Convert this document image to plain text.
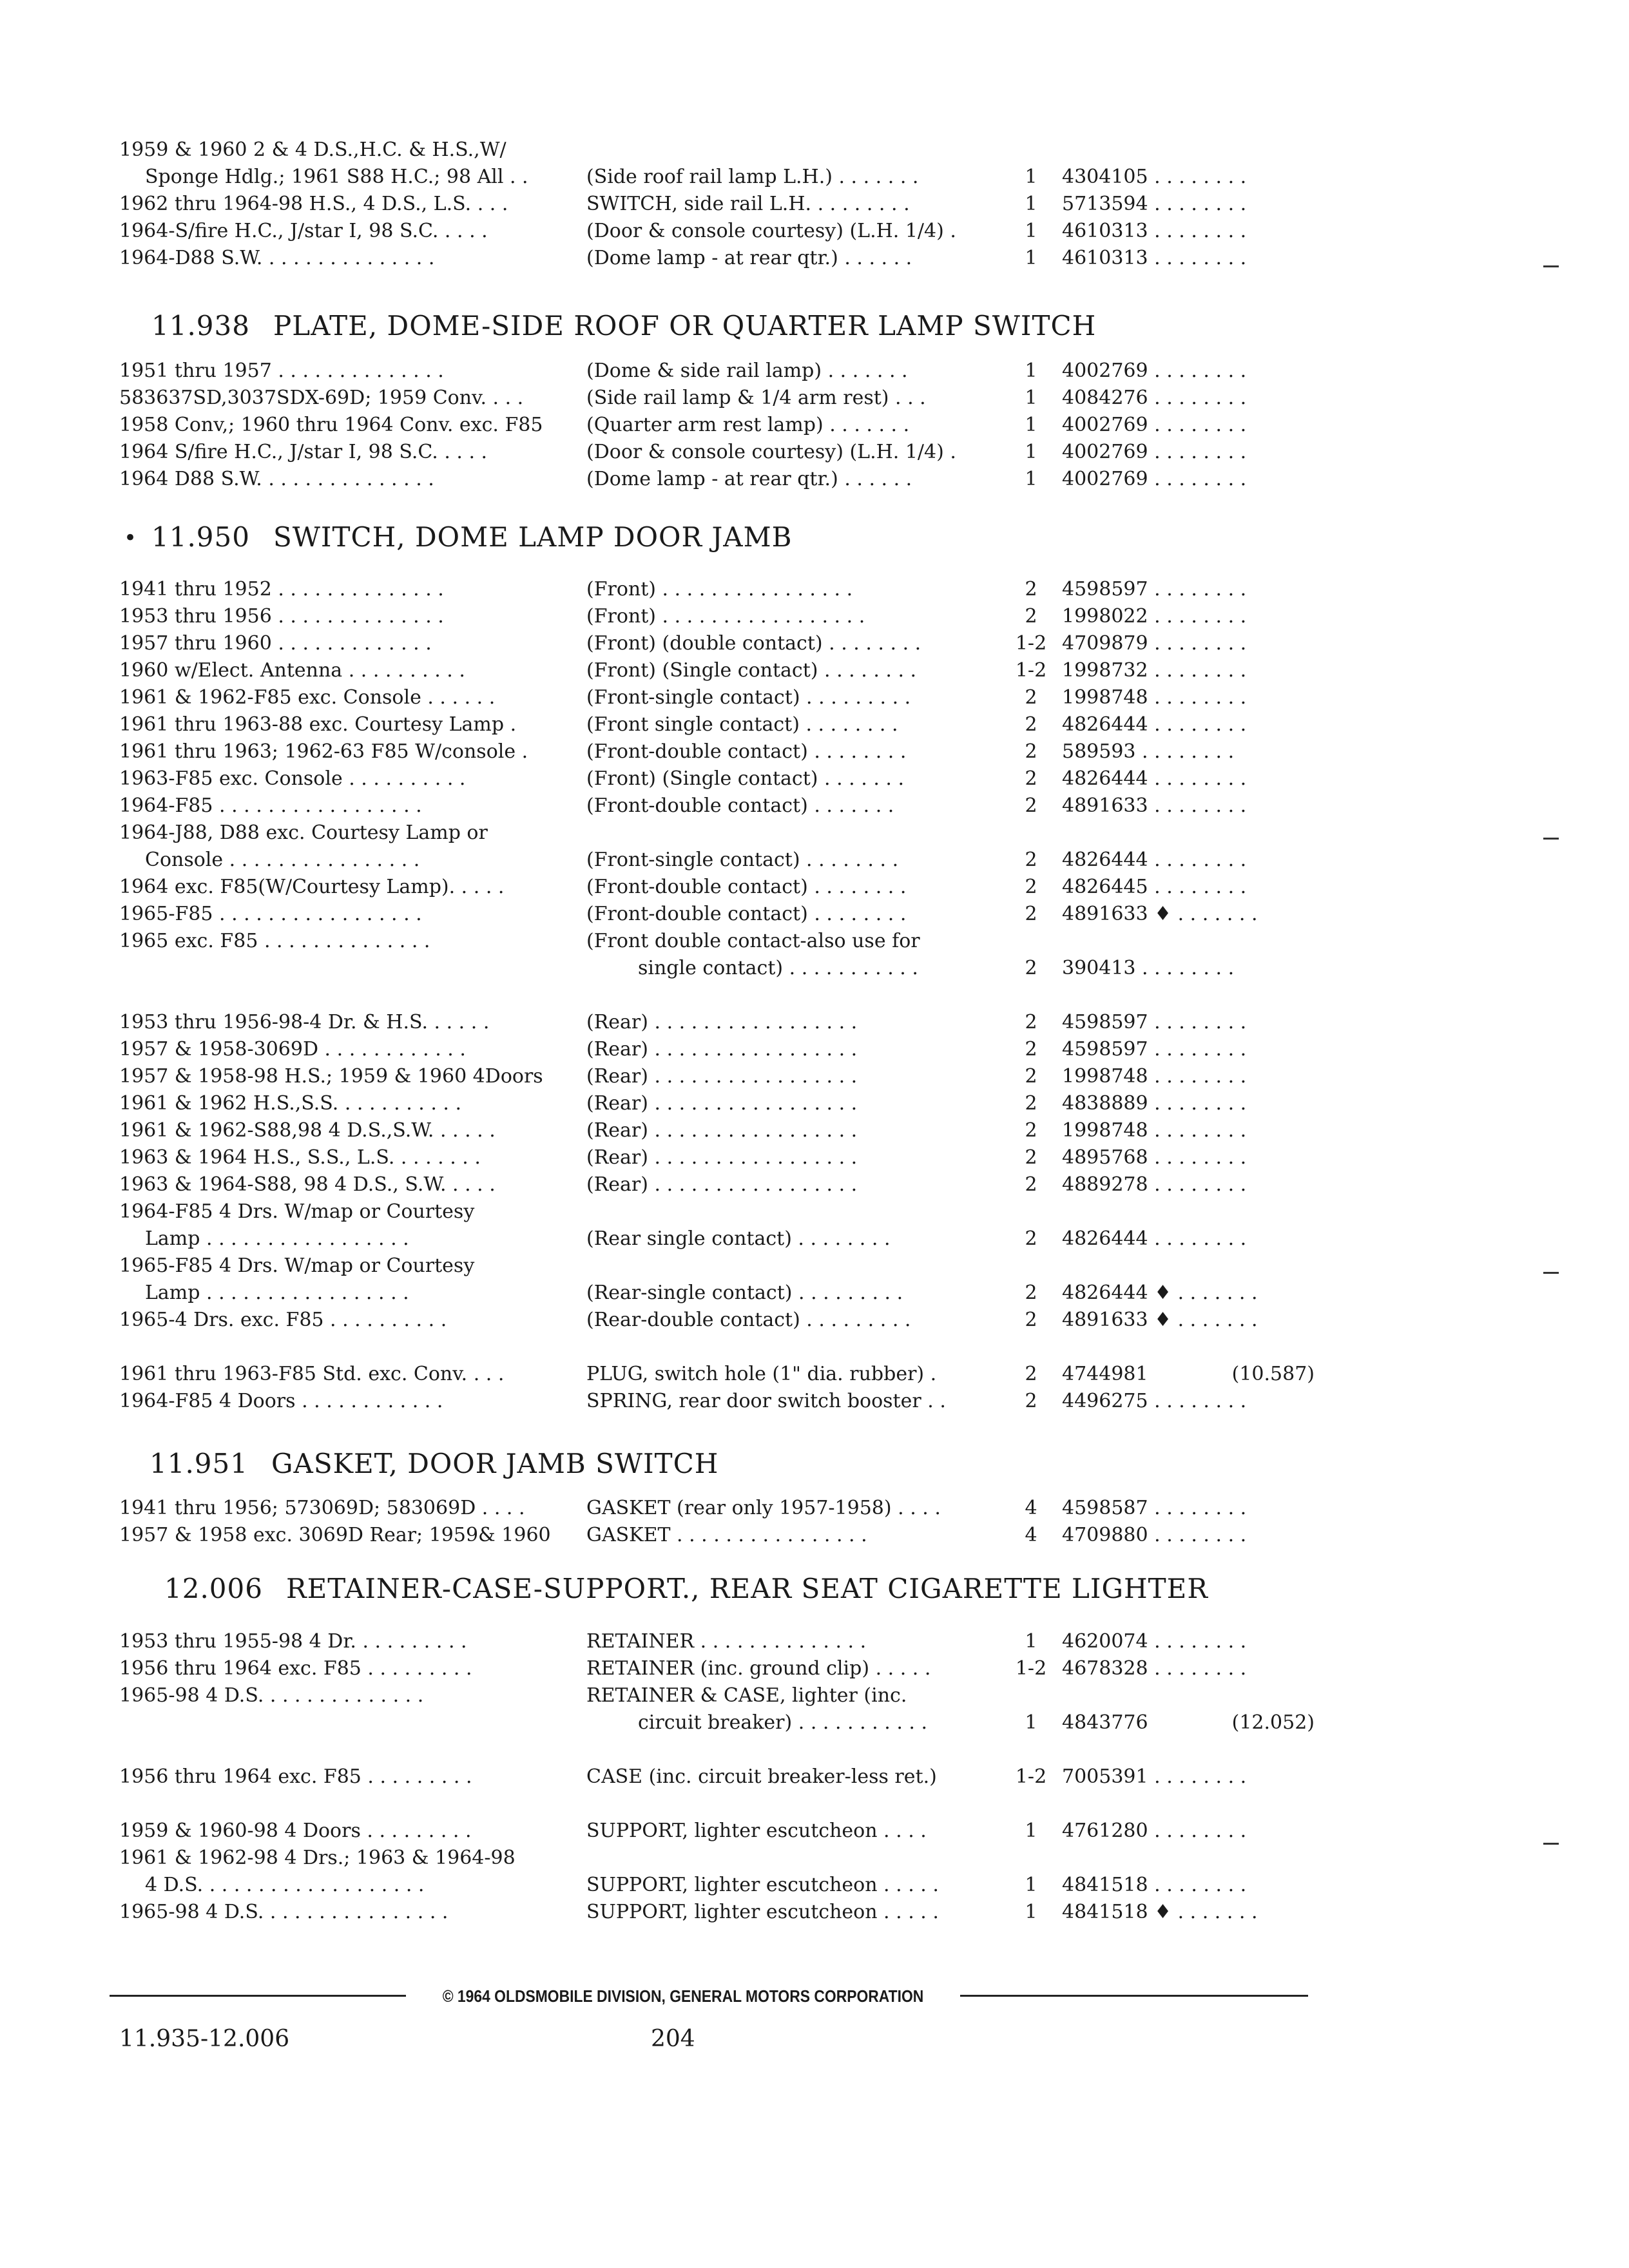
1959 & 1960 2 & 4 D.S.,H.C. & H.S.,W/
Sponge Hdlg.; 1961 S88 H.C.; 98 All . .	(Side roof rail lamp L.H.) . . . . . . .	1	4304105 . . . . . . . .
1962 thru 1964-98 H.S., 4 D.S., L.S. . . .	SWITCH, side rail L.H. . . . . . . . .	1	5713594 . . . . . . . .
1964-S/fire H.C., J/star I, 98 S.C. . . . .	(Door & console courtesy) (L.H. 1/4) .	1	4610313 . . . . . . . .
1964-D88 S.W. . . . . . . . . . . . . . .	(Dome lamp - at rear qtr.) . . . . . .	1	4610313 . . . . . . . .
11.938 PLATE, DOME-SIDE ROOF OR QUARTER LAMP SWITCH
1951 thru 1957 . . . . . . . . . . . . . .	(Dome & side rail lamp) . . . . . . .	1	4002769 . . . . . . . .
583637SD,3037SDX-69D; 1959 Conv. . . .	(Side rail lamp & 1/4 arm rest) . . .	1	4084276 . . . . . . . .
1958 Conv,; 1960 thru 1964 Conv. exc. F85	(Quarter arm rest lamp) . . . . . . .	1	4002769 . . . . . . . .
1964 S/fire H.C., J/star I, 98 S.C. . . . .	(Door & console courtesy) (L.H. 1/4) .	1	4002769 . . . . . . . .
1964 D88 S.W. . . . . . . . . . . . . . .	(Dome lamp - at rear qtr.) . . . . . .	1	4002769 . . . . . . . .
11.950 SWITCH, DOME LAMP DOOR JAMB
•
1941 thru 1952 . . . . . . . . . . . . . .	(Front) . . . . . . . . . . . . . . . .	2	4598597 . . . . . . . .
1953 thru 1956 . . . . . . . . . . . . . .	(Front) . . . . . . . . . . . . . . . . .	2	1998022 . . . . . . . .
1957 thru 1960 . . . . . . . . . . . . .	(Front) (double contact) . . . . . . . .	1-2 4709879 . . . . . . . .
1960 w/Elect. Antenna . . . . . . . . . .	(Front) (Single contact) . . . . . . . .	1-2 1998732 . . . . . . . .
1961 & 1962-F85 exc. Console . . . . . .	(Front-single contact) . . . . . . . . .	2	1998748 . . . . . . . .
1961 thru 1963-88 exc. Courtesy Lamp .	(Front single contact) . . . . . . . .	2	4826444 . . . . . . . .
1961 thru 1963; 1962-63 F85 W/console .	(Front-double contact) . . . . . . . .	2	589593 . . . . . . . .
1963-F85 exc. Console . . . . . . . . . .	(Front) (Single contact) . . . . . . .	2	4826444 . . . . . . . .
1964-F85 . . . . . . . . . . . . . . . . .	(Front-double contact) . . . . . . .	2	4891633 . . . . . . . .
1964-J88, D88 exc. Courtesy Lamp or
Console . . . . . . . . . . . . . . . .	(Front-single contact) . . . . . . . .	2	4826444 . . . . . . . .
1964 exc. F85(W/Courtesy Lamp). . . . .	(Front-double contact) . . . . . . . .	2	4826445 . . . . . . . .
1965-F85 . . . . . . . . . . . . . . . . .	(Front-double contact) . . . . . . . .	2	4891633 ♦ . . . . . . .
1965 exc. F85 . . . . . . . . . . . . . .	(Front double contact-also use for
single contact) . . . . . . . . . . .	2	390413 . . . . . . . .
1953 thru 1956-98-4 Dr. & H.S. . . . . .	(Rear) . . . . . . . . . . . . . . . . .	2	4598597 . . . . . . . .
1957 & 1958-3069D . . . . . . . . . . . .	(Rear) . . . . . . . . . . . . . . . . .	2	4598597 . . . . . . . .
1957 & 1958-98 H.S.; 1959 & 1960 4Doors	(Rear) . . . . . . . . . . . . . . . . .	2	1998748 . . . . . . . .
1961 & 1962 H.S.,S.S. . . . . . . . . . .	(Rear) . . . . . . . . . . . . . . . . .	2	4838889 . . . . . . . .
1961 & 1962-S88,98 4 D.S.,S.W. . . . . .	(Rear) . . . . . . . . . . . . . . . . .	2	1998748 . . . . . . . .
1963 & 1964 H.S., S.S., L.S. . . . . . . .	(Rear) . . . . . . . . . . . . . . . . .	2	4895768 . . . . . . . .
1963 & 1964-S88, 98 4 D.S., S.W. . . . .	(Rear) . . . . . . . . . . . . . . . . .	2	4889278 . . . . . . . .
1964-F85 4 Drs. W/map or Courtesy
Lamp . . . . . . . . . . . . . . . . .	(Rear single contact) . . . . . . . .	2	4826444 . . . . . . . .
1965-F85 4 Drs. W/map or Courtesy
Lamp . . . . . . . . . . . . . . . . .	(Rear-single contact) . . . . . . . . .	2	4826444 ♦ . . . . . . .
1965-4 Drs. exc. F85 . . . . . . . . . .	(Rear-double contact) . . . . . . . . .	2	4891633 ♦ . . . . . . .
1961 thru 1963-F85 Std. exc. Conv. . . .	PLUG, switch hole (1" dia. rubber) .	2	4744981	(10.587)
1964-F85 4 Doors . . . . . . . . . . . .	SPRING, rear door switch booster . .	2	4496275 . . . . . . . .
11.951 GASKET, DOOR JAMB SWITCH
1941 thru 1956; 573069D; 583069D . . . .	GASKET (rear only 1957-1958) . . . .	4	4598587 . . . . . . . .
1957 & 1958 exc. 3069D Rear; 1959& 1960	GASKET . . . . . . . . . . . . . . . .	4	4709880 . . . . . . . .
12.006 RETAINER-CASE-SUPPORT., REAR SEAT CIGARETTE LIGHTER
1953 thru 1955-98 4 Dr. . . . . . . . . .	RETAINER . . . . . . . . . . . . . .	1	4620074 . . . . . . . .
1956 thru 1964 exc. F85 . . . . . . . . .	RETAINER (inc. ground clip) . . . . .	1-2 4678328 . . . . . . . .
1965-98 4 D.S. . . . . . . . . . . . . .	RETAINER & CASE, lighter (inc.
circuit breaker) . . . . . . . . . . .	1	4843776	(12.052)
1956 thru 1964 exc. F85 . . . . . . . . .	CASE (inc. circuit breaker-less ret.)	1-2 7005391 . . . . . . . .
1959 & 1960-98 4 Doors . . . . . . . . .	SUPPORT, lighter escutcheon . . . .	1	4761280 . . . . . . . .
1961 & 1962-98 4 Drs.; 1963 & 1964-98
4 D.S. . . . . . . . . . . . . . . . . . .	SUPPORT, lighter escutcheon . . . . .	1	4841518 . . . . . . . .
1965-98 4 D.S. . . . . . . . . . . . . . . .	SUPPORT, lighter escutcheon . . . . .	1	4841518 ♦ . . . . . . .
© 1964 OLDSMOBILE DIVISION, GENERAL MOTORS CORPORATION
11.935-12.006	204
